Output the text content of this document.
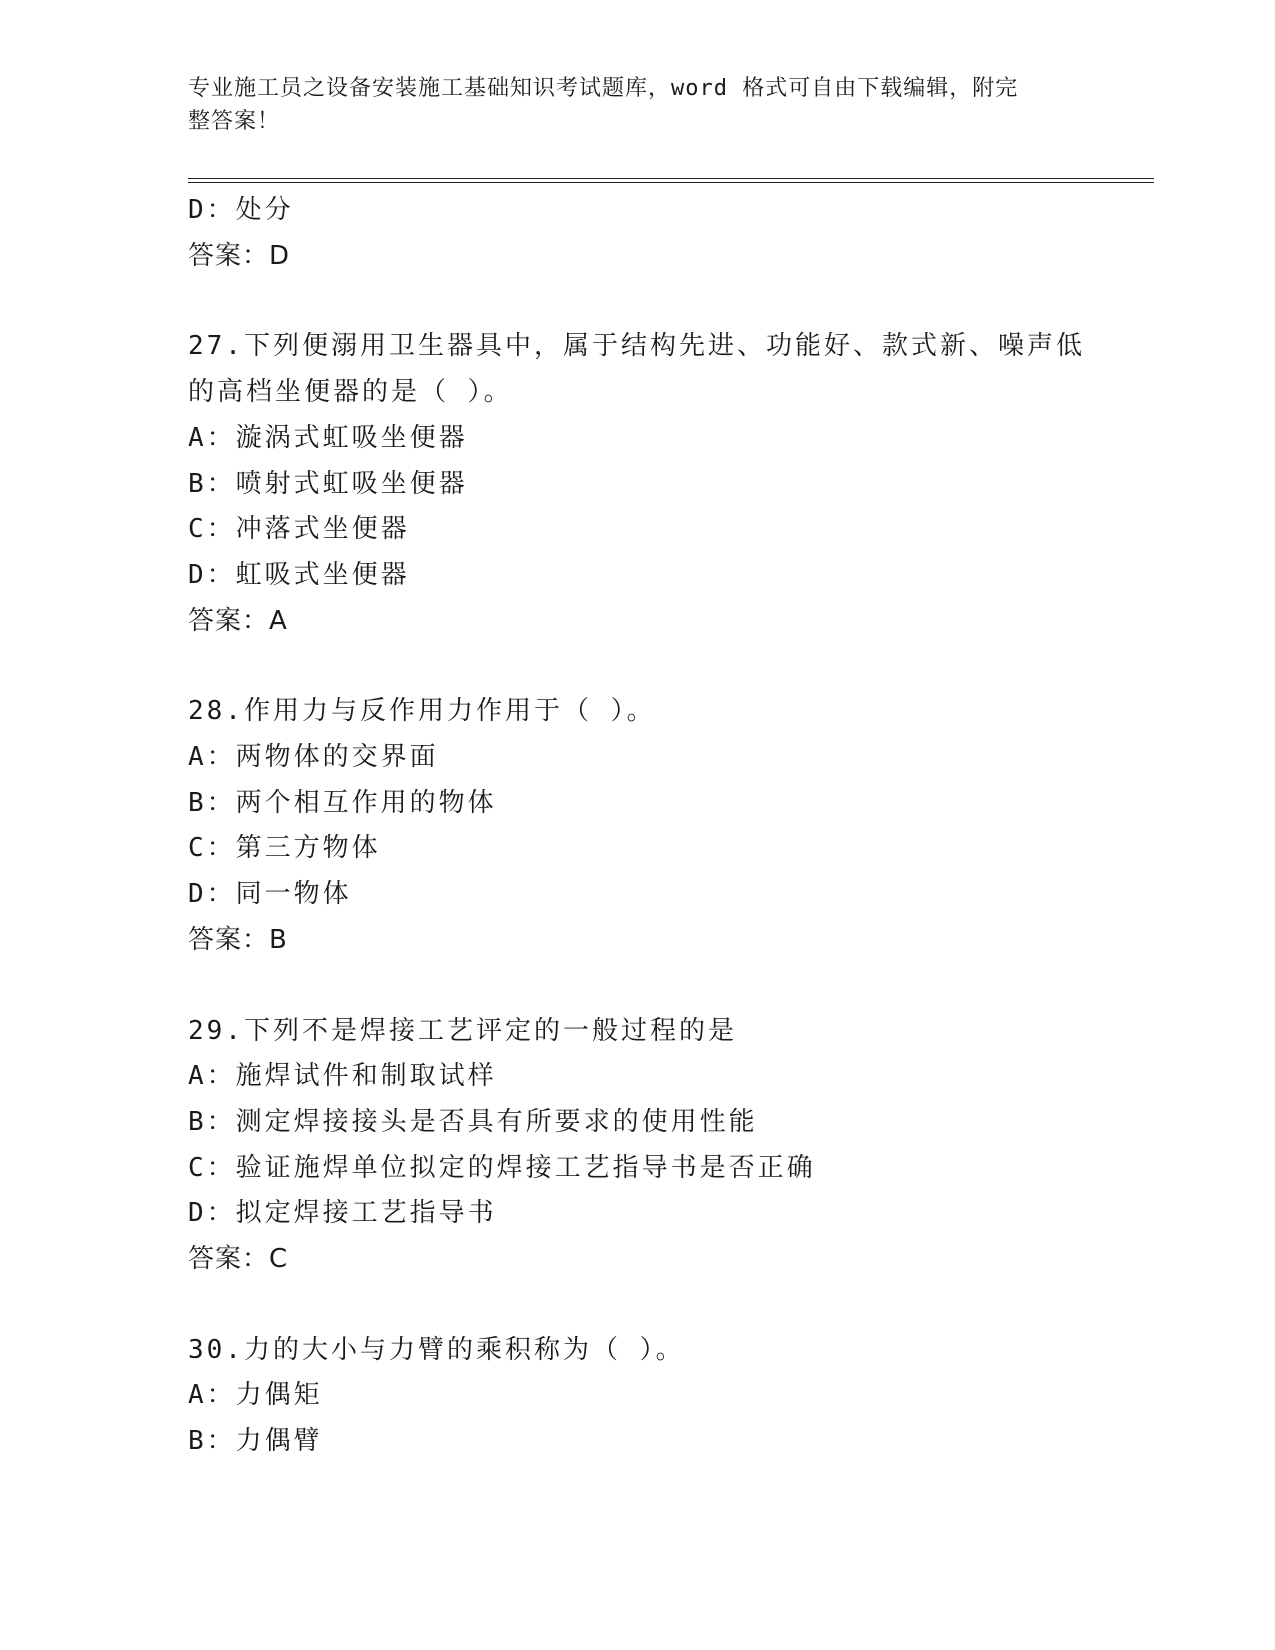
专业施工员之设备安装施工基础知识考试题库，word 格式可自由下载编辑，附完
整答案！
D：处分
答案：D
27.下列便溺用卫生器具中，属于结构先进、功能好、款式新、噪声低
的高档坐便器的是（ ）。
A：漩涡式虹吸坐便器
B：喷射式虹吸坐便器
C：冲落式坐便器
D：虹吸式坐便器
答案：A
28.作用力与反作用力作用于（ ）。
A：两物体的交界面
B：两个相互作用的物体
C：第三方物体
D：同一物体
答案：B
29.下列不是焊接工艺评定的一般过程的是
A：施焊试件和制取试样
B：测定焊接接头是否具有所要求的使用性能
C：验证施焊单位拟定的焊接工艺指导书是否正确
D：拟定焊接工艺指导书
答案：C
30.力的大小与力臂的乘积称为（ ）。
A：力偶矩
B：力偶臂
